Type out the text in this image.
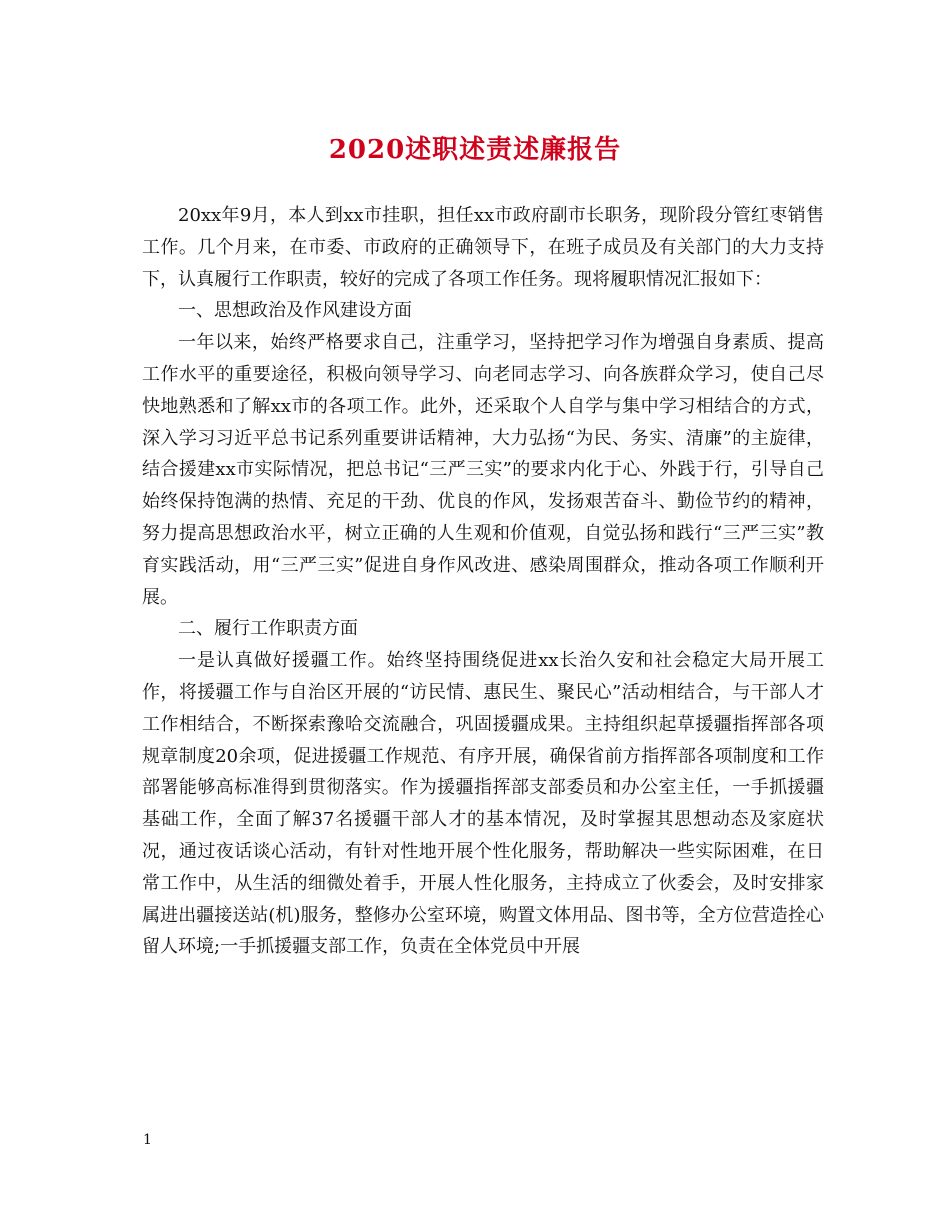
2020述职述责述廉报告

20xx年9月，本人到xx市挂职，担任xx市政府副市长职务，现阶段分管红枣销售工作。几个月来，在市委、市政府的正确领导下，在班子成员及有关部门的大力支持下，认真履行工作职责，较好的完成了各项工作任务。现将履职情况汇报如下：

一、思想政治及作风建设方面

一年以来，始终严格要求自己，注重学习，坚持把学习作为增强自身素质、提高工作水平的重要途径，积极向领导学习、向老同志学习、向各族群众学习，使自己尽快地熟悉和了解xx市的各项工作。此外，还采取个人自学与集中学习相结合的方式，深入学习习近平总书记系列重要讲话精神，大力弘扬“为民、务实、清廉”的主旋律，结合援建xx市实际情况，把总书记“三严三实”的要求内化于心、外践于行，引导自己始终保持饱满的热情、充足的干劲、优良的作风，发扬艰苦奋斗、勤俭节约的精神，努力提高思想政治水平，树立正确的人生观和价值观，自觉弘扬和践行“三严三实”教育实践活动，用“三严三实”促进自身作风改进、感染周围群众，推动各项工作顺利开展。

二、履行工作职责方面

一是认真做好援疆工作。始终坚持围绕促进xx长治久安和社会稳定大局开展工作，将援疆工作与自治区开展的“访民情、惠民生、聚民心”活动相结合，与干部人才工作相结合，不断探索豫哈交流融合，巩固援疆成果。主持组织起草援疆指挥部各项规章制度20余项，促进援疆工作规范、有序开展，确保省前方指挥部各项制度和工作部署能够高标准得到贯彻落实。作为援疆指挥部支部委员和办公室主任，一手抓援疆基础工作，全面了解37名援疆干部人才的基本情况，及时掌握其思想动态及家庭状况，通过夜话谈心活动，有针对性地开展个性化服务，帮助解决一些实际困难，在日常工作中，从生活的细微处着手，开展人性化服务，主持成立了伙委会，及时安排家属进出疆接送站(机)服务，整修办公室环境，购置文体用品、图书等，全方位营造拴心留人环境;一手抓援疆支部工作，负责在全体党员中开展

1
